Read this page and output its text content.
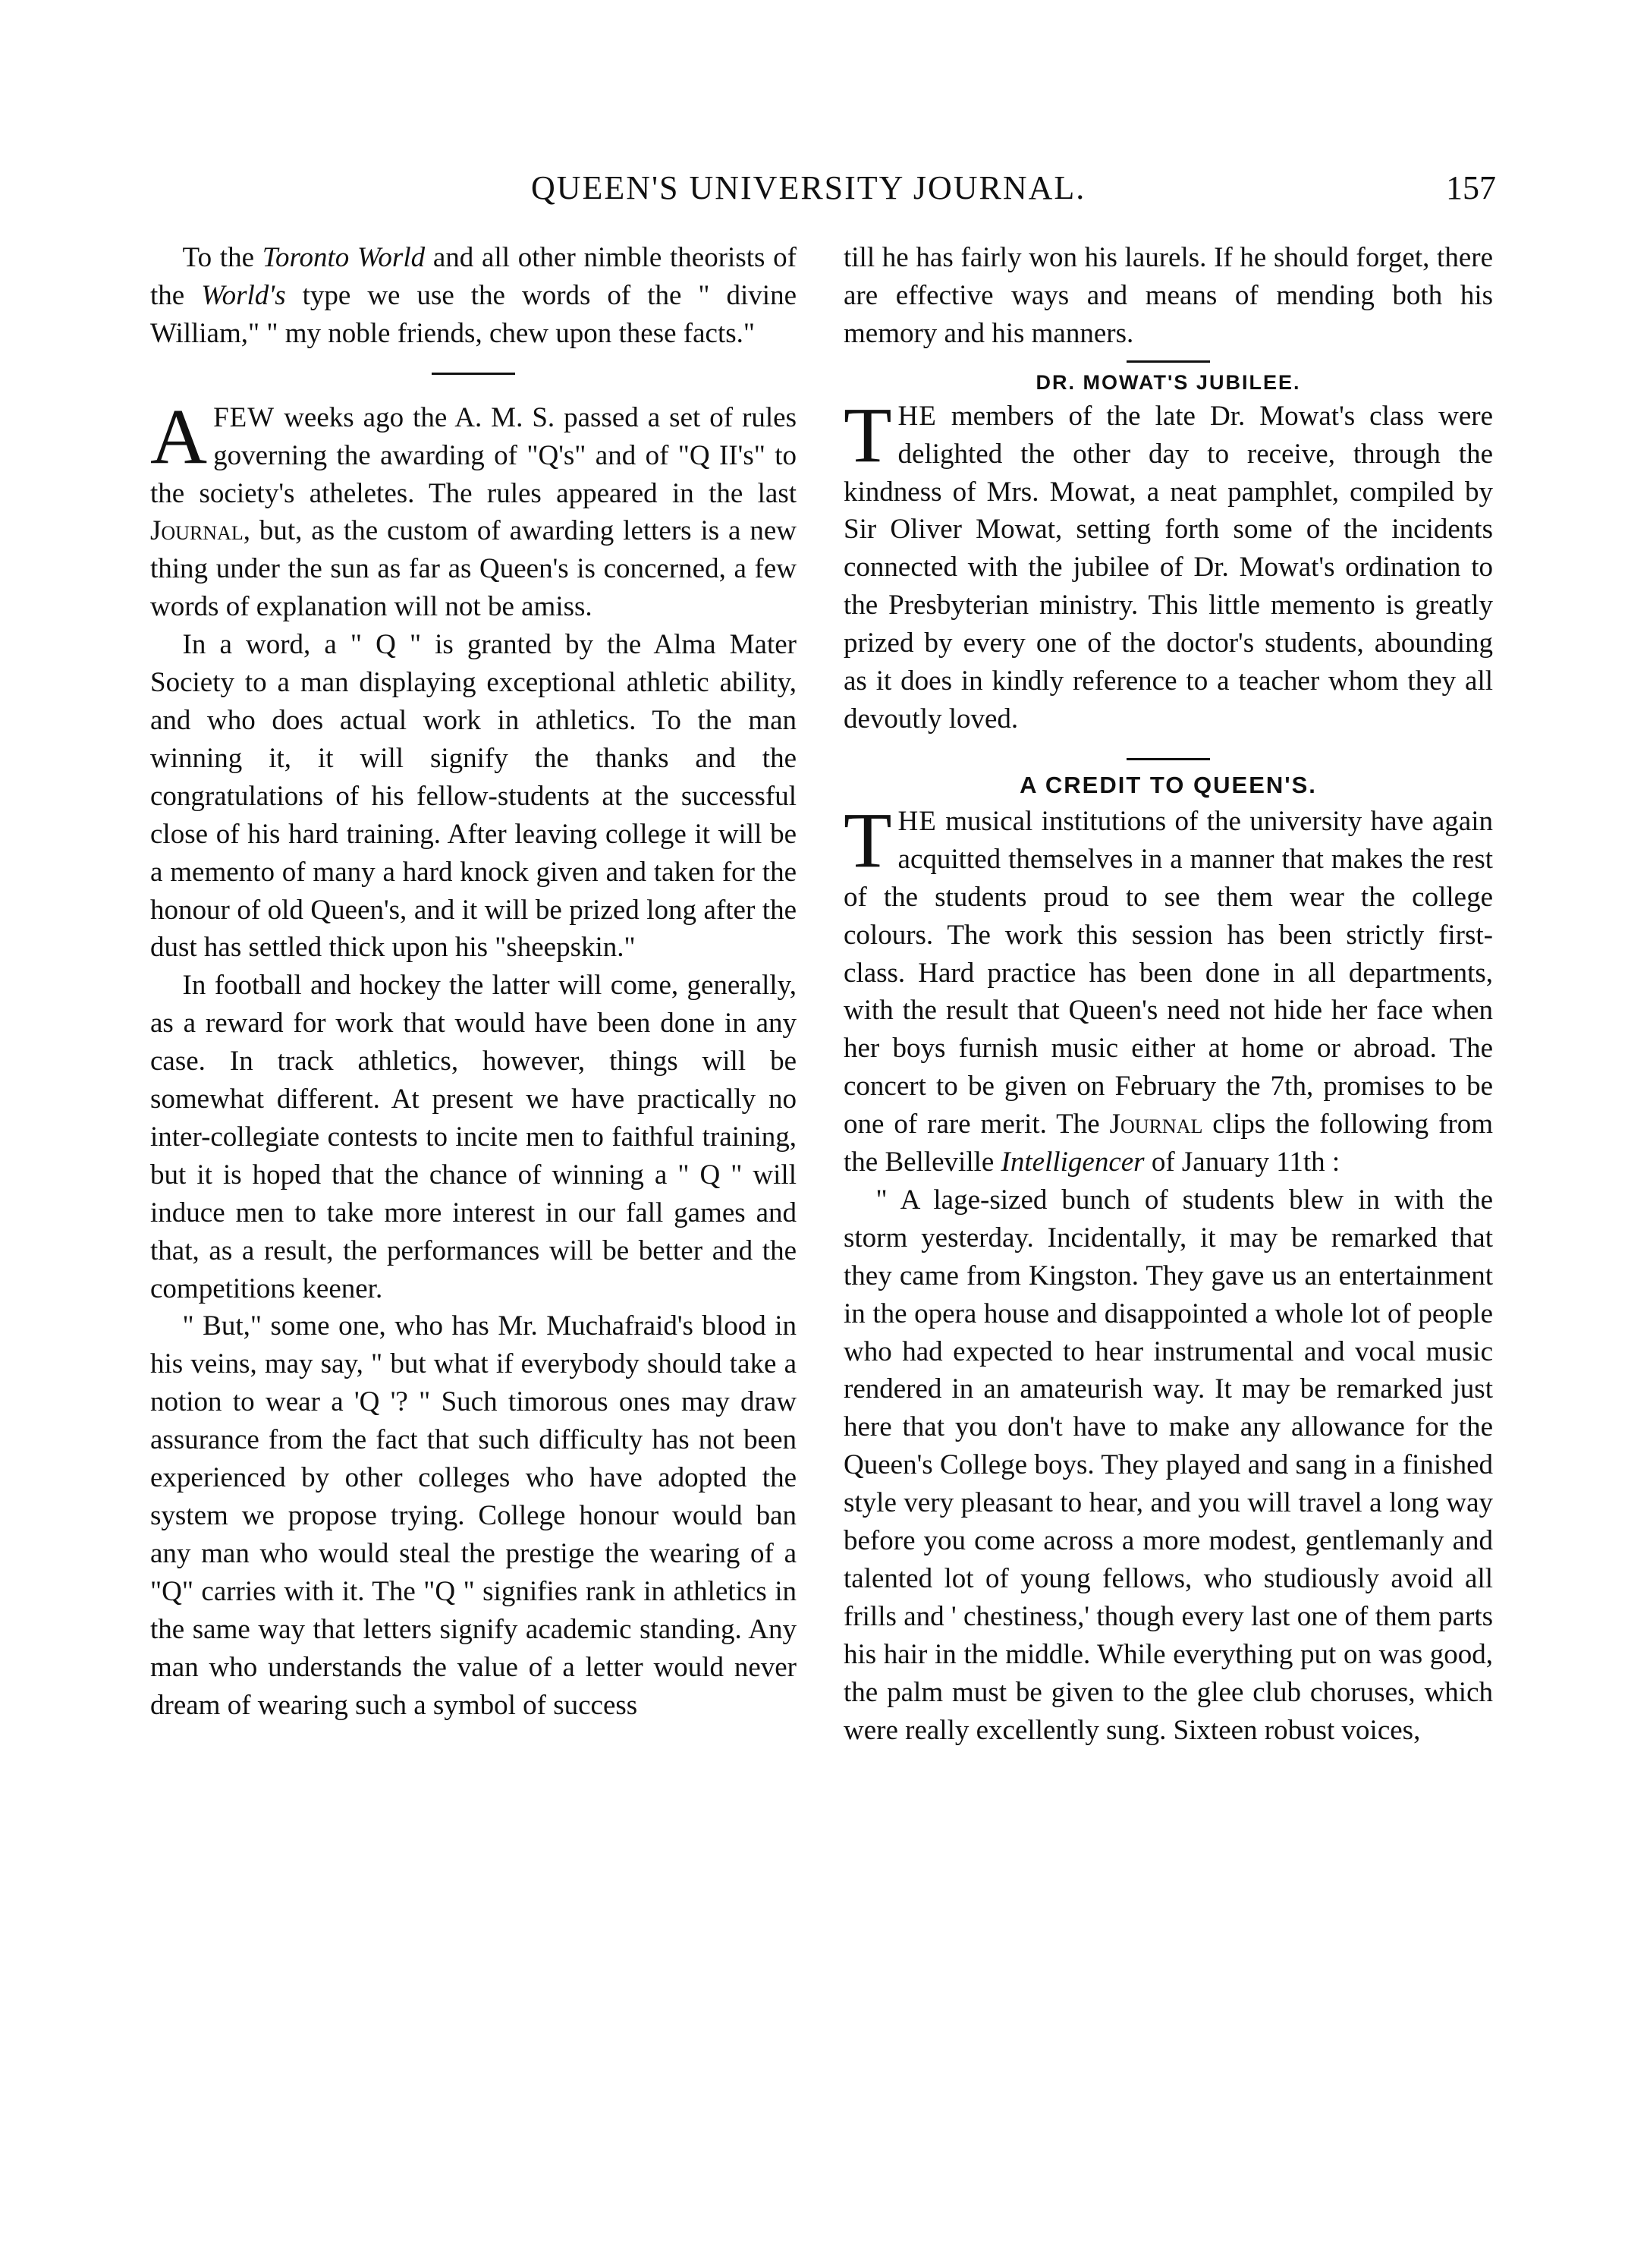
QUEEN'S UNIVERSITY JOURNAL.	157

To the Toronto World and all other nimble theorists of the World's type we use the words of the " divine William," " my noble friends, chew upon these facts."

AFEW weeks ago the A. M. S. passed a set of rules governing the awarding of "Q's" and of "Q II's" to the society's atheletes. The rules appeared in the last Journal, but, as the custom of awarding letters is a new thing under the sun as far as Queen's is concerned, a few words of explanation will not be amiss.

In a word, a " Q " is granted by the Alma Mater Society to a man displaying exceptional athletic ability, and who does actual work in athletics. To the man winning it, it will signify the thanks and the congratulations of his fellow-students at the successful close of his hard training. After leaving college it will be a memento of many a hard knock given and taken for the honour of old Queen's, and it will be prized long after the dust has settled thick upon his "sheepskin."

In football and hockey the latter will come, generally, as a reward for work that would have been done in any case. In track athletics, however, things will be somewhat different. At present we have practically no inter-collegiate contests to incite men to faithful training, but it is hoped that the chance of winning a " Q " will induce men to take more interest in our fall games and that, as a result, the performances will be better and the competitions keener.

" But," some one, who has Mr. Muchafraid's blood in his veins, may say, " but what if everybody should take a notion to wear a 'Q '? " Such timorous ones may draw assurance from the fact that such difficulty has not been experienced by other colleges who have adopted the system we propose trying. College honour would ban any man who would steal the prestige the wearing of a "Q" carries with it. The "Q " signifies rank in athletics in the same way that letters signify academic standing. Any man who understands the value of a letter would never dream of wearing such a symbol of success

till he has fairly won his laurels. If he should forget, there are effective ways and means of mending both his memory and his manners.

DR. MOWAT'S JUBILEE.

THE members of the late Dr. Mowat's class were delighted the other day to receive, through the kindness of Mrs. Mowat, a neat pamphlet, compiled by Sir Oliver Mowat, setting forth some of the incidents connected with the jubilee of Dr. Mowat's ordination to the Presbyterian ministry. This little memento is greatly prized by every one of the doctor's students, abounding as it does in kindly reference to a teacher whom they all devoutly loved.

A CREDIT TO QUEEN'S.

THE musical institutions of the university have again acquitted themselves in a manner that makes the rest of the students proud to see them wear the college colours. The work this session has been strictly first-class. Hard practice has been done in all departments, with the result that Queen's need not hide her face when her boys furnish music either at home or abroad. The concert to be given on February the 7th, promises to be one of rare merit. The Journal clips the following from the Belleville Intelligencer of January 11th :

" A lage-sized bunch of students blew in with the storm yesterday. Incidentally, it may be remarked that they came from Kingston. They gave us an entertainment in the opera house and disappointed a whole lot of people who had expected to hear instrumental and vocal music rendered in an amateurish way. It may be remarked just here that you don't have to make any allowance for the Queen's College boys. They played and sang in a finished style very pleasant to hear, and you will travel a long way before you come across a more modest, gentlemanly and talented lot of young fellows, who studiously avoid all frills and ' chestiness,' though every last one of them parts his hair in the middle. While everything put on was good, the palm must be given to the glee club choruses, which were really excellently sung. Sixteen robust voices,
